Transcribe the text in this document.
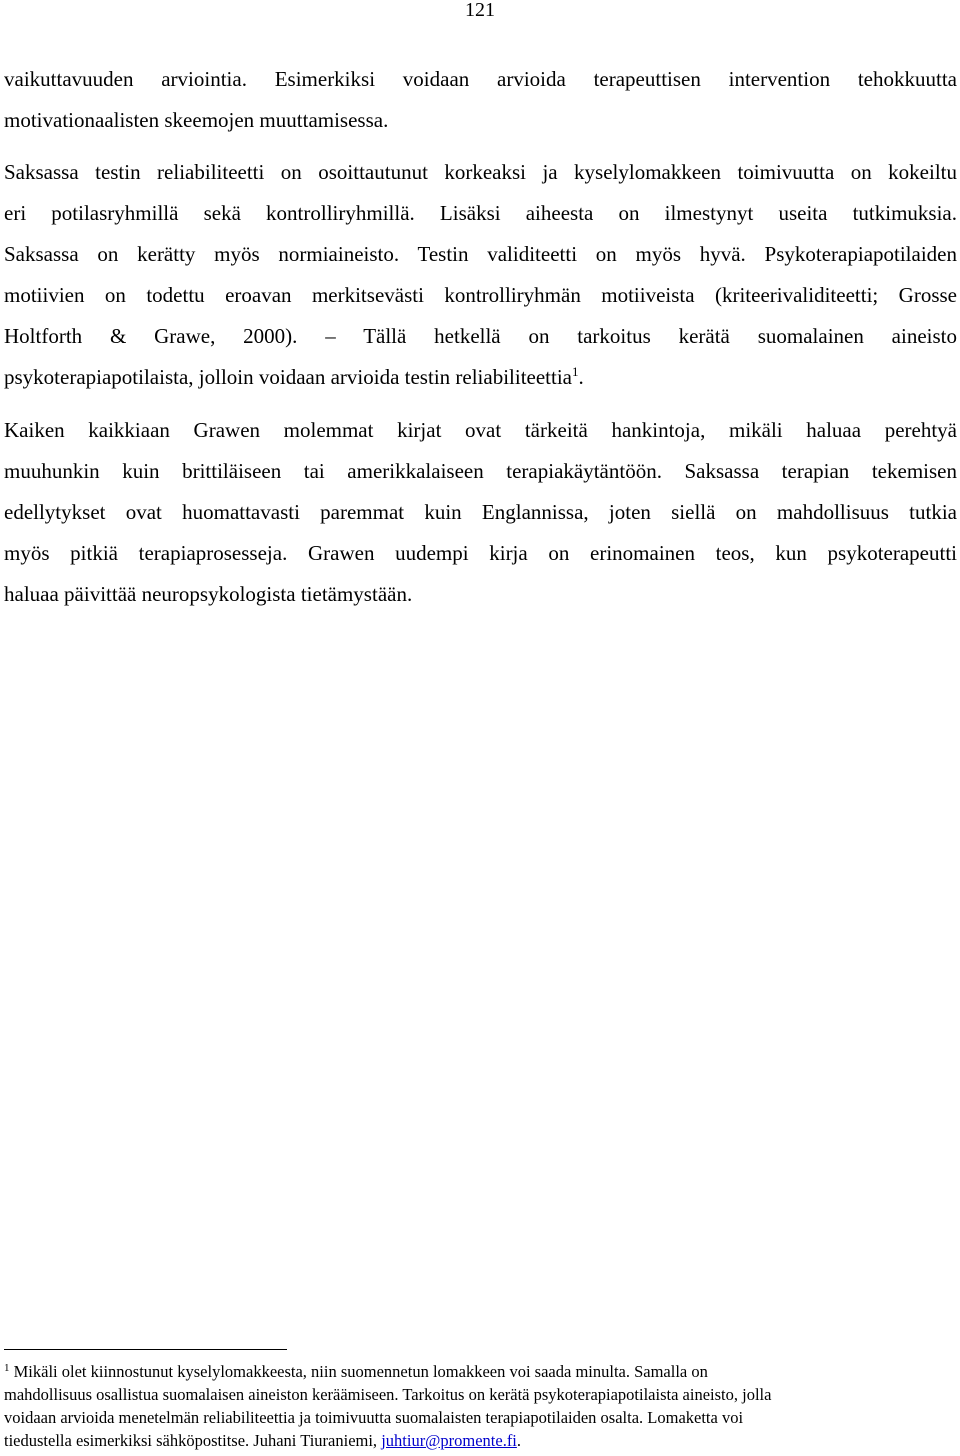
121
vaikuttavuuden arviointia. Esimerkiksi voidaan arvioida terapeuttisen intervention tehokkuutta
motivationaalisten skeemojen muuttamisessa.
Saksassa testin reliabiliteetti on osoittautunut korkeaksi ja kyselylomakkeen toimivuutta on kokeiltu
eri potilasryhmillä sekä kontrolliryhmillä. Lisäksi aiheesta on ilmestynyt useita tutkimuksia.
Saksassa on kerätty myös normiaineisto. Testin validiteetti on myös hyvä. Psykoterapiapotilaiden
motiivien on todettu eroavan merkitsevästi kontrolliryhmän motiiveista (kriteerivaliditeetti; Grosse
Holtforth & Grawe, 2000). – Tällä hetkellä on tarkoitus kerätä suomalainen aineisto
psykoterapiapotilaista, jolloin voidaan arvioida testin reliabiliteettia$^1$.
Kaiken kaikkiaan Grawen molemmat kirjat ovat tärkeitä hankintoja, mikäli haluaa perehtyä
muuhunkin kuin brittiläiseen tai amerikkalaiseen terapiakäytäntöön. Saksassa terapian tekemisen
edellytykset ovat huomattavasti paremmat kuin Englannissa, joten siellä on mahdollisuus tutkia
myös pitkiä terapiaprosesseja. Grawen uudempi kirja on erinomainen teos, kun psykoterapeutti
haluaa päivittää neuropsykologista tietämystään.
$^1$ Mikäli olet kiinnostunut kyselylomakkeesta, niin suomennetun lomakkeen voi saada minulta. Samalla on
mahdollisuus osallistua suomalaisen aineiston keräämiseen. Tarkoitus on kerätä psykoterapiapotilaista aineisto, jolla
voidaan arvioida menetelmän reliabiliteettia ja toimivuutta suomalaisten terapiapotilaiden osalta. Lomaketta voi
tiedustella esimerkiksi sähköpostitse. Juhani Tiuraniemi, juhtiur@promente.fi.
